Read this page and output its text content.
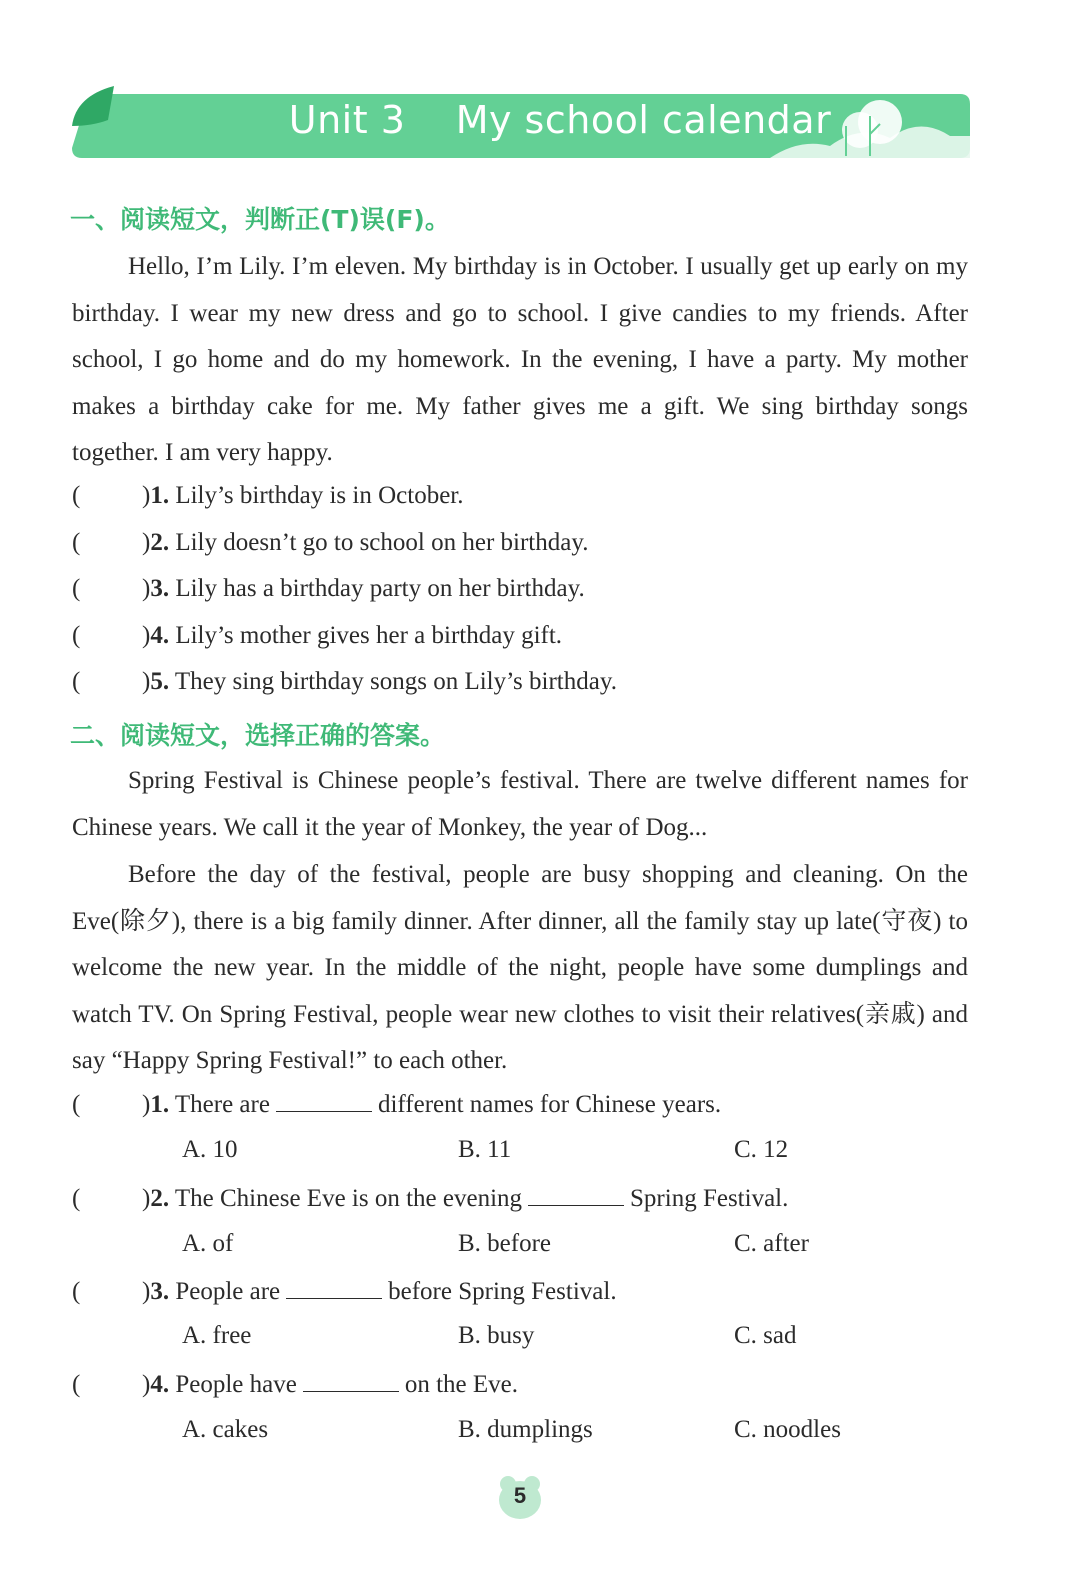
Unit 3    My school calendar
一、阅读短文，判断正(T)误(F)。

Hello, I’m Lily. I’m eleven. My birthday is in October. I usually get up early on my birthday. I wear my new dress and go to school. I give candies to my friends. After school, I go home and do my homework. In the evening, I have a party. My mother makes a birthday cake for me. My father gives me a gift. We sing birthday songs together. I am very happy.

( )1. Lily’s birthday is in October.
( )2. Lily doesn’t go to school on her birthday.
( )3. Lily has a birthday party on her birthday.
( )4. Lily’s mother gives her a birthday gift.
( )5. They sing birthday songs on Lily’s birthday.
二、阅读短文，选择正确的答案。

Spring Festival is Chinese people’s festival. There are twelve different names for Chinese years. We call it the year of Monkey, the year of Dog...

Before the day of the festival, people are busy shopping and cleaning. On the Eve(除夕), there is a big family dinner. After dinner, all the family stay up late(守夜) to welcome the new year. In the middle of the night, people have some dumplings and watch TV. On Spring Festival, people wear new clothes to visit their relatives(亲戚) and say “Happy Spring Festival!” to each other.

( )1. There are	different names for Chinese years.
A. 10	B. 11	C. 12
( )2. The Chinese Eve is on the evening	Spring Festival.
A. of	B. before	C. after
( )3. People are	before Spring Festival.
A. free	B. busy	C. sad
( )4. People have	on the Eve.
A. cakes	B. dumplings	C. noodles
5
